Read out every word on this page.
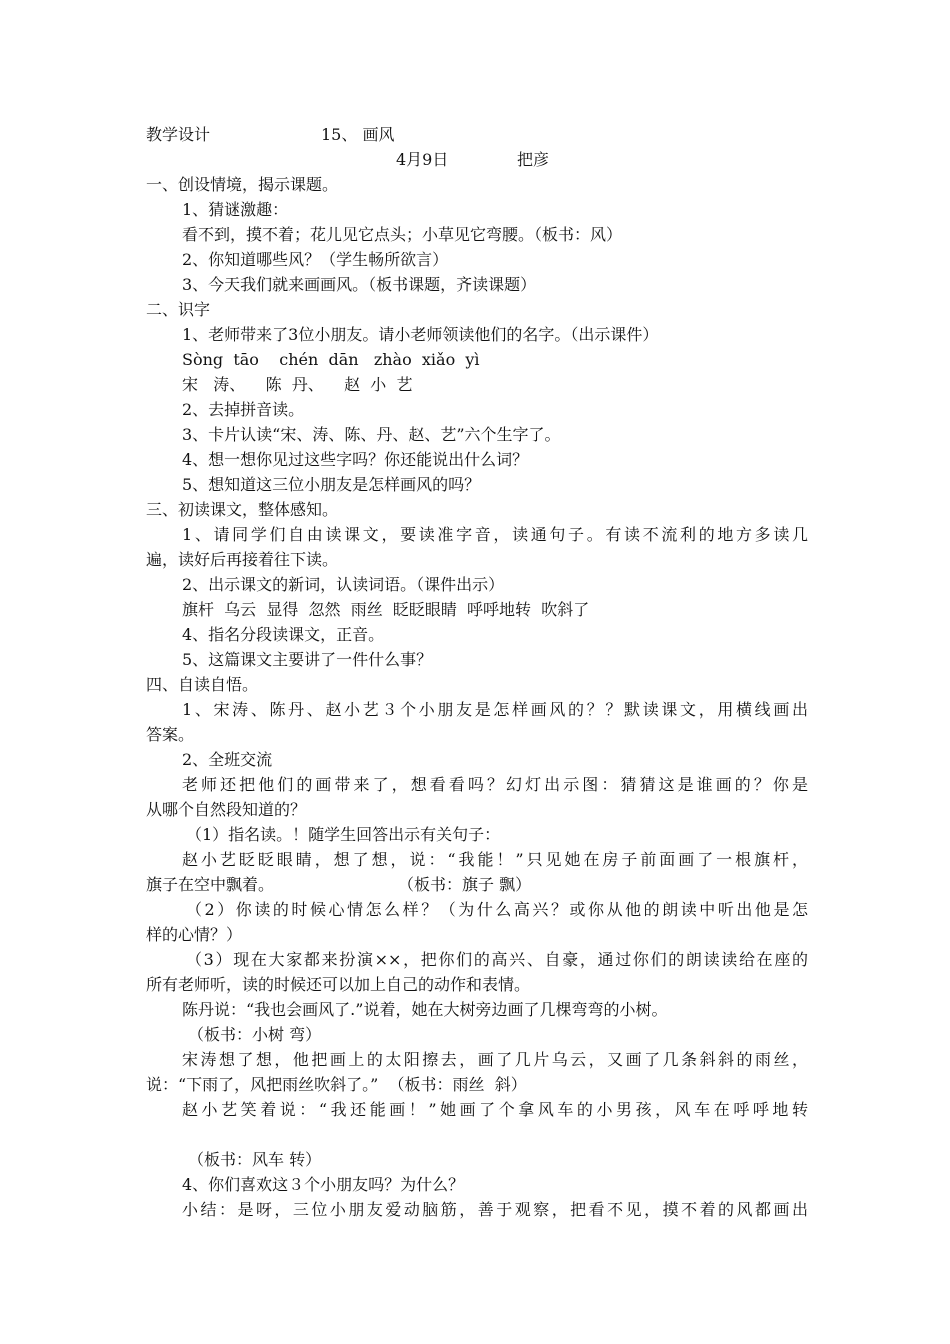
教学设计	15、 画风
4月9日	把彦
一、创设情境，揭示课题。
1、猜谜激趣：
看不到，摸不着；花儿见它点头；小草见它弯腰。（板书：风）
2、你知道哪些风？（学生畅所欲言）
3、今天我们就来画画风。（板书课题，齐读课题）
二、识字
1、老师带来了3位小朋友。请小老师领读他们的名字。（出示课件）
Sòng  tāo    chén  dān   zhào  xiǎo  yì
宋   涛、    陈  丹、    赵  小  艺
2、去掉拼音读。
3、卡片认读“宋、涛、陈、丹、赵、艺”六个生字了。
4、想一想你见过这些字吗？你还能说出什么词？
5、想知道这三位小朋友是怎样画风的吗？
三、初读课文，整体感知。
1、请同学们自由读课文，要读准字音，读通句子。有读不流利的地方多读几
遍，读好后再接着往下读。
2、出示课文的新词，认读词语。（课件出示）
旗杆  乌云  显得  忽然  雨丝  眨眨眼睛  呼呼地转  吹斜了
4、指名分段读课文，正音。
5、这篇课文主要讲了一件什么事？
四、自读自悟。
1、宋涛、陈丹、赵小艺３个小朋友是怎样画风的？？默读课文，用横线画出
答案。
2、全班交流
老师还把他们的画带来了，想看看吗？幻灯出示图：猜猜这是谁画的？你是
从哪个自然段知道的？
（1）指名读。！随学生回答出示有关句子：
赵小艺眨眨眼睛，想了想，说：“我能！”只见她在房子前面画了一根旗杆，
旗子在空中飘着。	（板书：旗子 飘）
（2）你读的时候心情怎么样？（为什么高兴？或你从他的朗读中听出他是怎
样的心情？）
（3）现在大家都来扮演××，把你们的高兴、自豪，通过你们的朗读读给在座的
所有老师听，读的时候还可以加上自己的动作和表情。
陈丹说：“我也会画风了.”说着，她在大树旁边画了几棵弯弯的小树。
（板书：小树 弯）
宋涛想了想，他把画上的太阳擦去，画了几片乌云，又画了几条斜斜的雨丝，
说：“下雨了，风把雨丝吹斜了。”  （板书：雨丝  斜）
赵小艺笑着说：“我还能画！”她画了个拿风车的小男孩，风车在呼呼地转
（板书：风车 转）
4、你们喜欢这３个小朋友吗？为什么？
小结：是呀，三位小朋友爱动脑筋，善于观察，把看不见，摸不着的风都画出
